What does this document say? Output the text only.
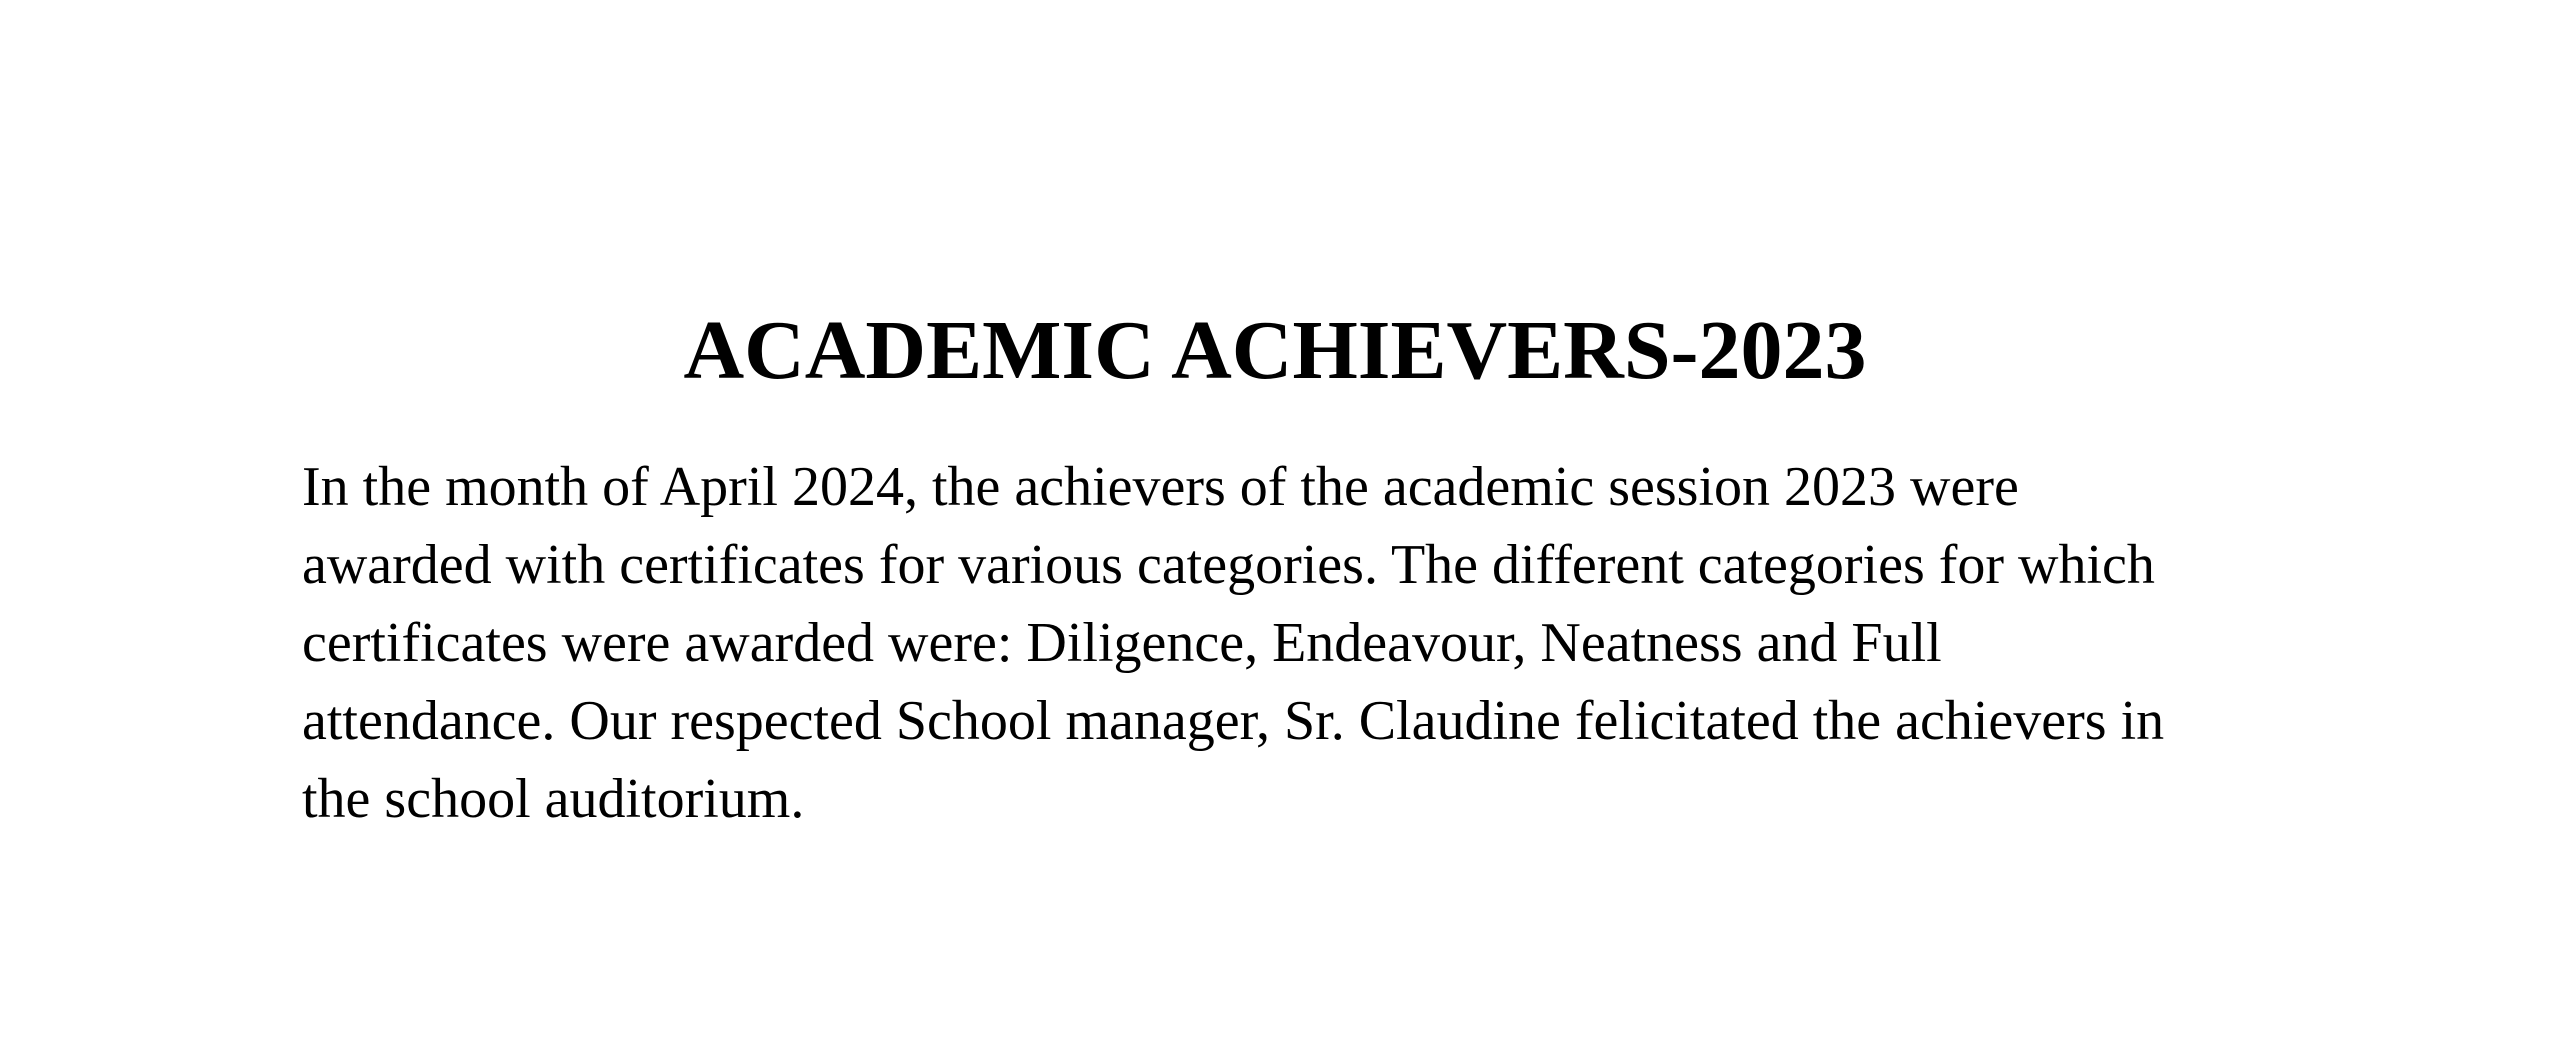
ACADEMIC ACHIEVERS-2023

In the month of April 2024, the achievers of the academic session 2023 were
awarded with certificates for various categories. The different categories for which
certificates were awarded were: Diligence, Endeavour, Neatness and Full
attendance. Our respected School manager, Sr. Claudine felicitated the achievers in
the school auditorium.
